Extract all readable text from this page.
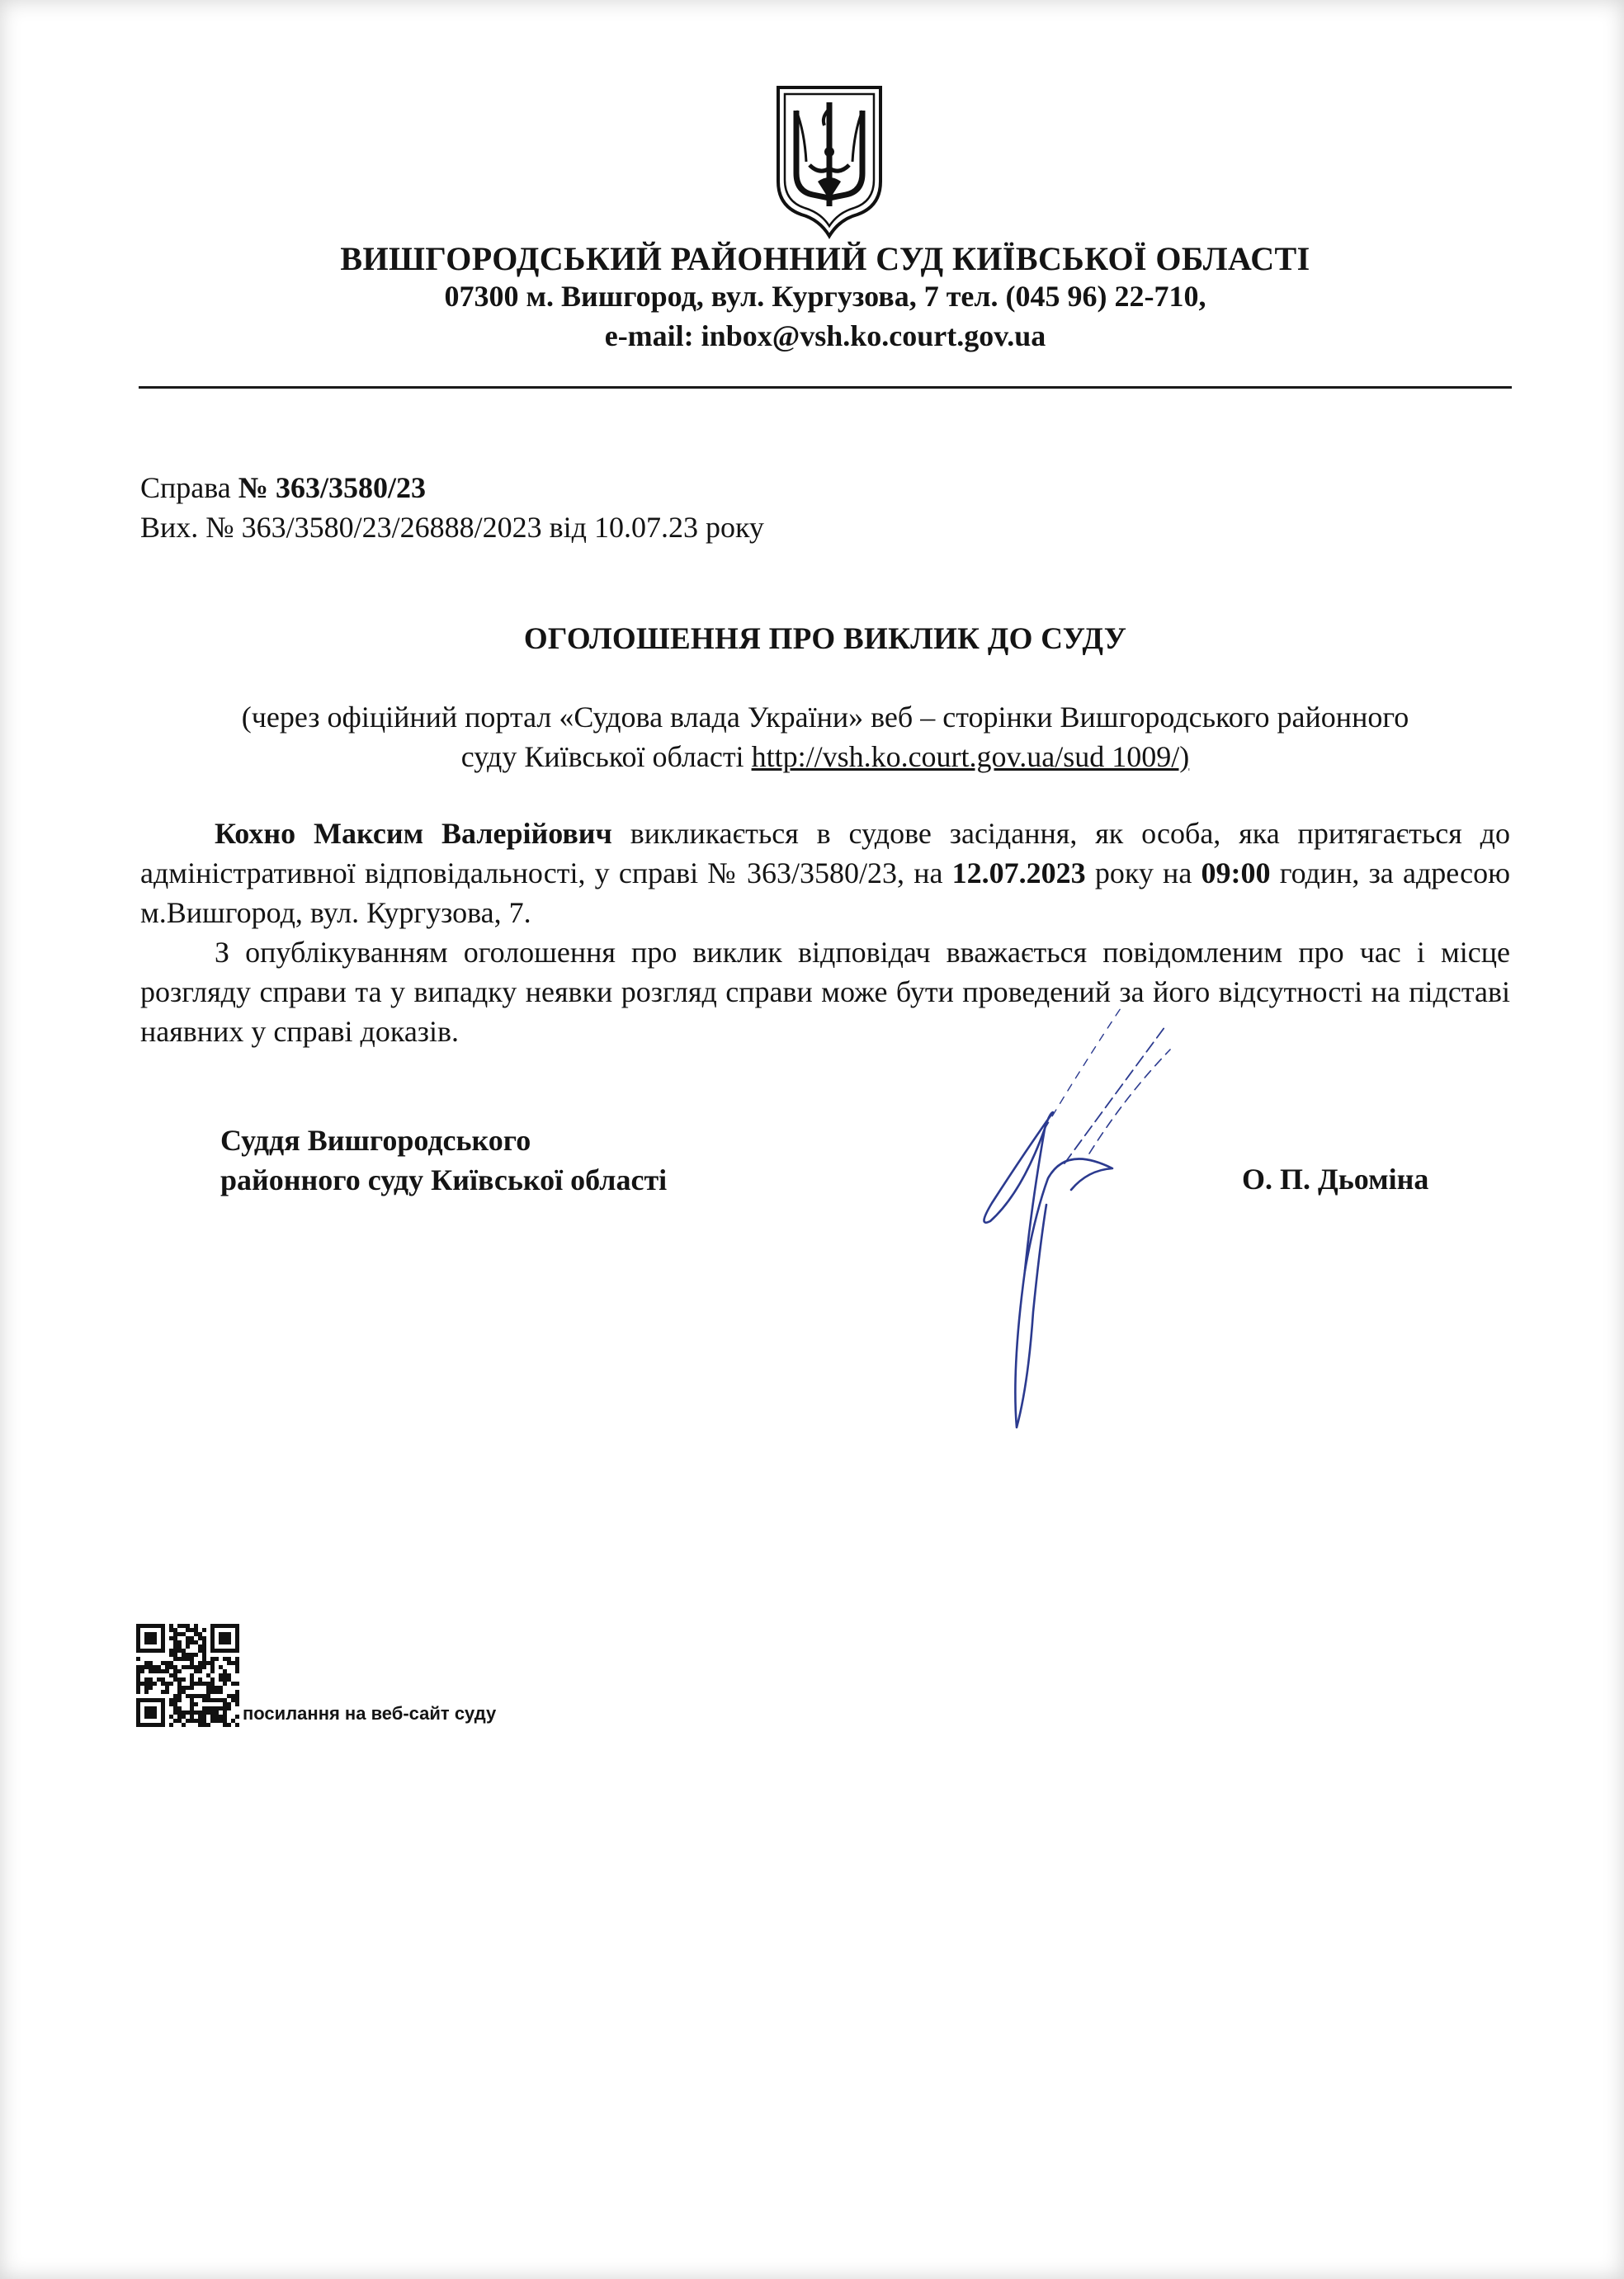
ВИШГОРОДСЬКИЙ РАЙОННИЙ СУД КИЇВСЬКОЇ ОБЛАСТІ
07300 м. Вишгород, вул. Кургузова, 7 тел. (045 96) 22-710,
e-mail: inbox@vsh.ko.court.gov.ua
Справа № 363/3580/23
Вих. № 363/3580/23/26888/2023 від 10.07.23 року
ОГОЛОШЕННЯ ПРО ВИКЛИК ДО СУДУ
(через офіційний портал «Судова влада України» веб – сторінки Вишгородського районного
суду Київської області http://vsh.ko.court.gov.ua/sud 1009/)

Кохно Максим Валерійович викликається в судове засідання, як особа, яка притягається до адміністративної відповідальності, у справі № 363/3580/23, на 12.07.2023 року на 09:00 годин, за адресою м.Вишгород, вул. Кургузова, 7.

З опублікуванням оголошення про виклик відповідач вважається повідомленим про час і місце розгляду справи та у випадку неявки розгляд справи може бути проведений за його відсутності на підставі наявних у справі доказів.

Суддя Вишгородського
районного суду Київської області	О. П. Дьоміна
посилання на веб-сайт суду
